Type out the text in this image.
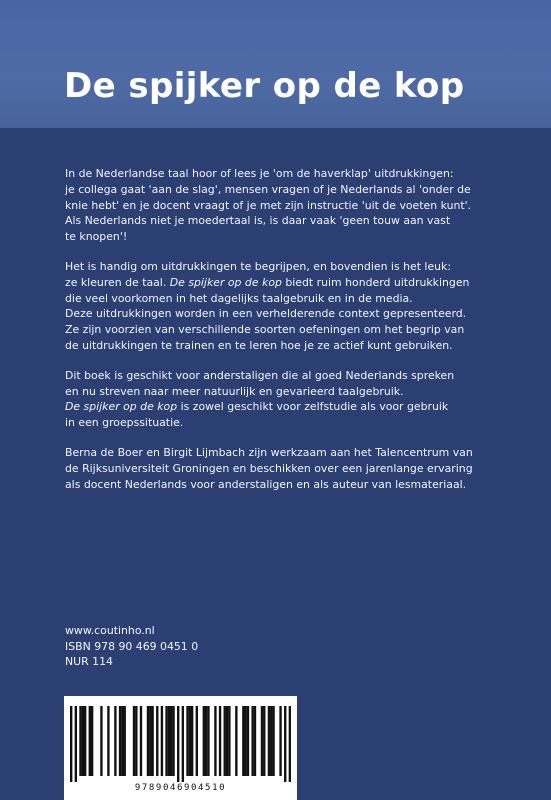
De spijker op de kop

In de Nederlandse taal hoor of lees je 'om de haverklap' uitdrukkingen:
je collega gaat 'aan de slag', mensen vragen of je Nederlands al 'onder de
knie hebt' en je docent vraagt of je met zijn instructie 'uit de voeten kunt'.
Als Nederlands niet je moedertaal is, is daar vaak 'geen touw aan vast
te knopen'!

Het is handig om uitdrukkingen te begrijpen, en bovendien is het leuk:
ze kleuren de taal. De spijker op de kop biedt ruim honderd uitdrukkingen
die veel voorkomen in het dagelijks taalgebruik en in de media.
Deze uitdrukkingen worden in een verhelderende context gepresenteerd.
Ze zijn voorzien van verschillende soorten oefeningen om het begrip van
de uitdrukkingen te trainen en te leren hoe je ze actief kunt gebruiken.

Dit boek is geschikt voor anderstaligen die al goed Nederlands spreken
en nu streven naar meer natuurlijk en gevarieerd taalgebruik.
De spijker op de kop is zowel geschikt voor zelfstudie als voor gebruik
in een groepssituatie.

Berna de Boer en Birgit Lijmbach zijn werkzaam aan het Talencentrum van
de Rijksuniversiteit Groningen en beschikken over een jarenlange ervaring
als docent Nederlands voor anderstaligen en als auteur van lesmateriaal.

www.coutinho.nl
ISBN 978 90 469 0451 0
NUR 114
9789046904510
